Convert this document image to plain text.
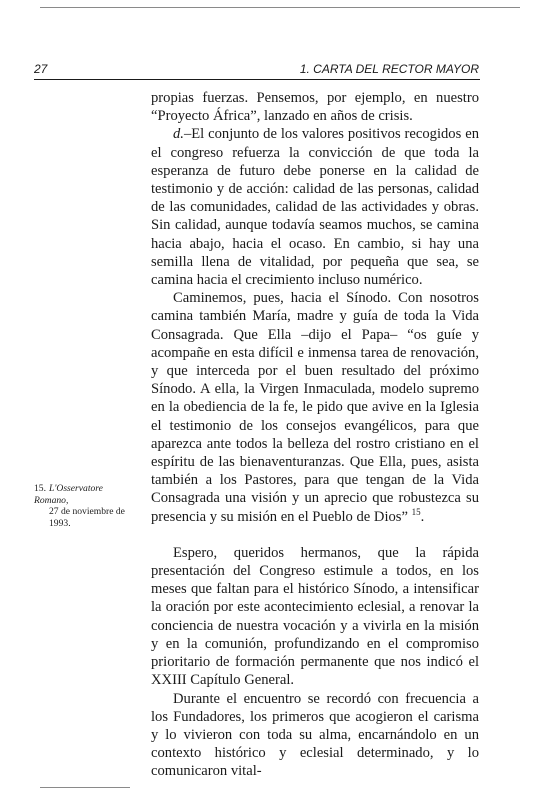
27	1. CARTA DEL RECTOR MAYOR

propias fuerzas. Pensemos, por ejemplo, en nuestro “Proyecto África”, lanzado en años de crisis.

d.–El conjunto de los valores positivos recogidos en el congreso refuerza la convicción de que toda la esperanza de futuro debe ponerse en la calidad de testimonio y de acción: calidad de las personas, calidad de las comunidades, calidad de las actividades y obras. Sin calidad, aunque todavía seamos muchos, se camina hacia abajo, hacia el ocaso. En cambio, si hay una semilla llena de vitalidad, por pequeña que sea, se camina hacia el crecimiento incluso numérico.

Caminemos, pues, hacia el Sínodo. Con nosotros camina también María, madre y guía de toda la Vida Consagrada. Que Ella –dijo el Papa– “os guíe y acompañe en esta difícil e inmensa tarea de renovación, y que interceda por el buen resultado del próximo Sínodo. A ella, la Virgen Inmaculada, modelo supremo en la obediencia de la fe, le pido que avive en la Iglesia el testimonio de los consejos evangélicos, para que aparezca ante todos la belleza del rostro cristiano en el espíritu de las bienaventuranzas. Que Ella, pues, asista también a los Pastores, para que tengan de la Vida Consagrada una visión y un aprecio que robustezca su presencia y su misión en el Pueblo de Dios” $^{15}$.

Espero, queridos hermanos, que la rápida presentación del Congreso estimule a todos, en los meses que faltan para el histórico Sínodo, a intensificar la oración por este acontecimiento eclesial, a renovar la conciencia de nuestra vocación y a vivirla en la misión y en la comunión, profundizando en el compromiso prioritario de formación permanente que nos indicó el XXIII Capítulo General.

Durante el encuentro se recordó con frecuencia a los Fundadores, los primeros que acogieron el carisma y lo vivieron con toda su alma, encarnándolo en un contexto histórico y eclesial determinado, y lo comunicaron vital-

15. L'Osservatore Romano,
27 de noviembre de 1993.
